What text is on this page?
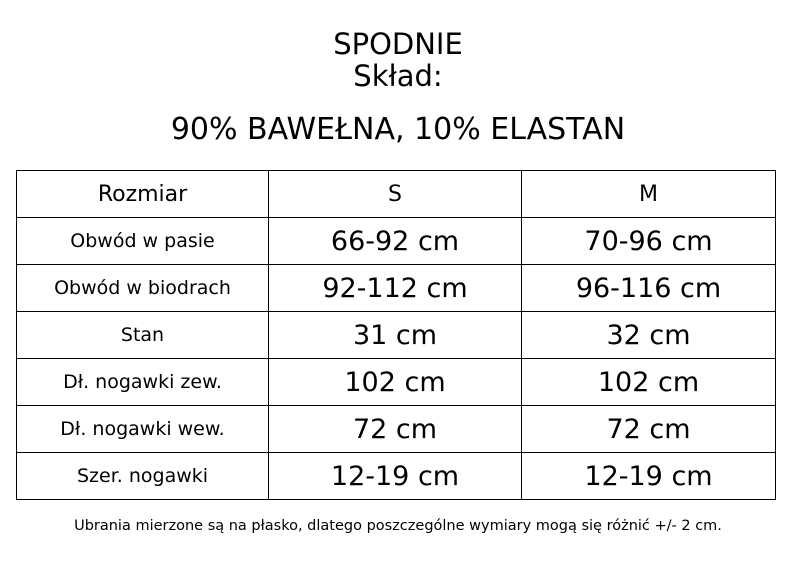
SPODNIE
Skład:
90% BAWEŁNA, 10% ELASTAN
Rozmiar	S	M
Obwód w pasie	66-92 cm	70-96 cm
Obwód w biodrach	92-112 cm	96-116 cm
Stan	31 cm	32 cm
Dł. nogawki zew.	102 cm	102 cm
Dł. nogawki wew.	72 cm	72 cm
Szer. nogawki	12-19 cm	12-19 cm
Ubrania mierzone są na płasko, dlatego poszczególne wymiary mogą się różnić +/- 2 cm.
